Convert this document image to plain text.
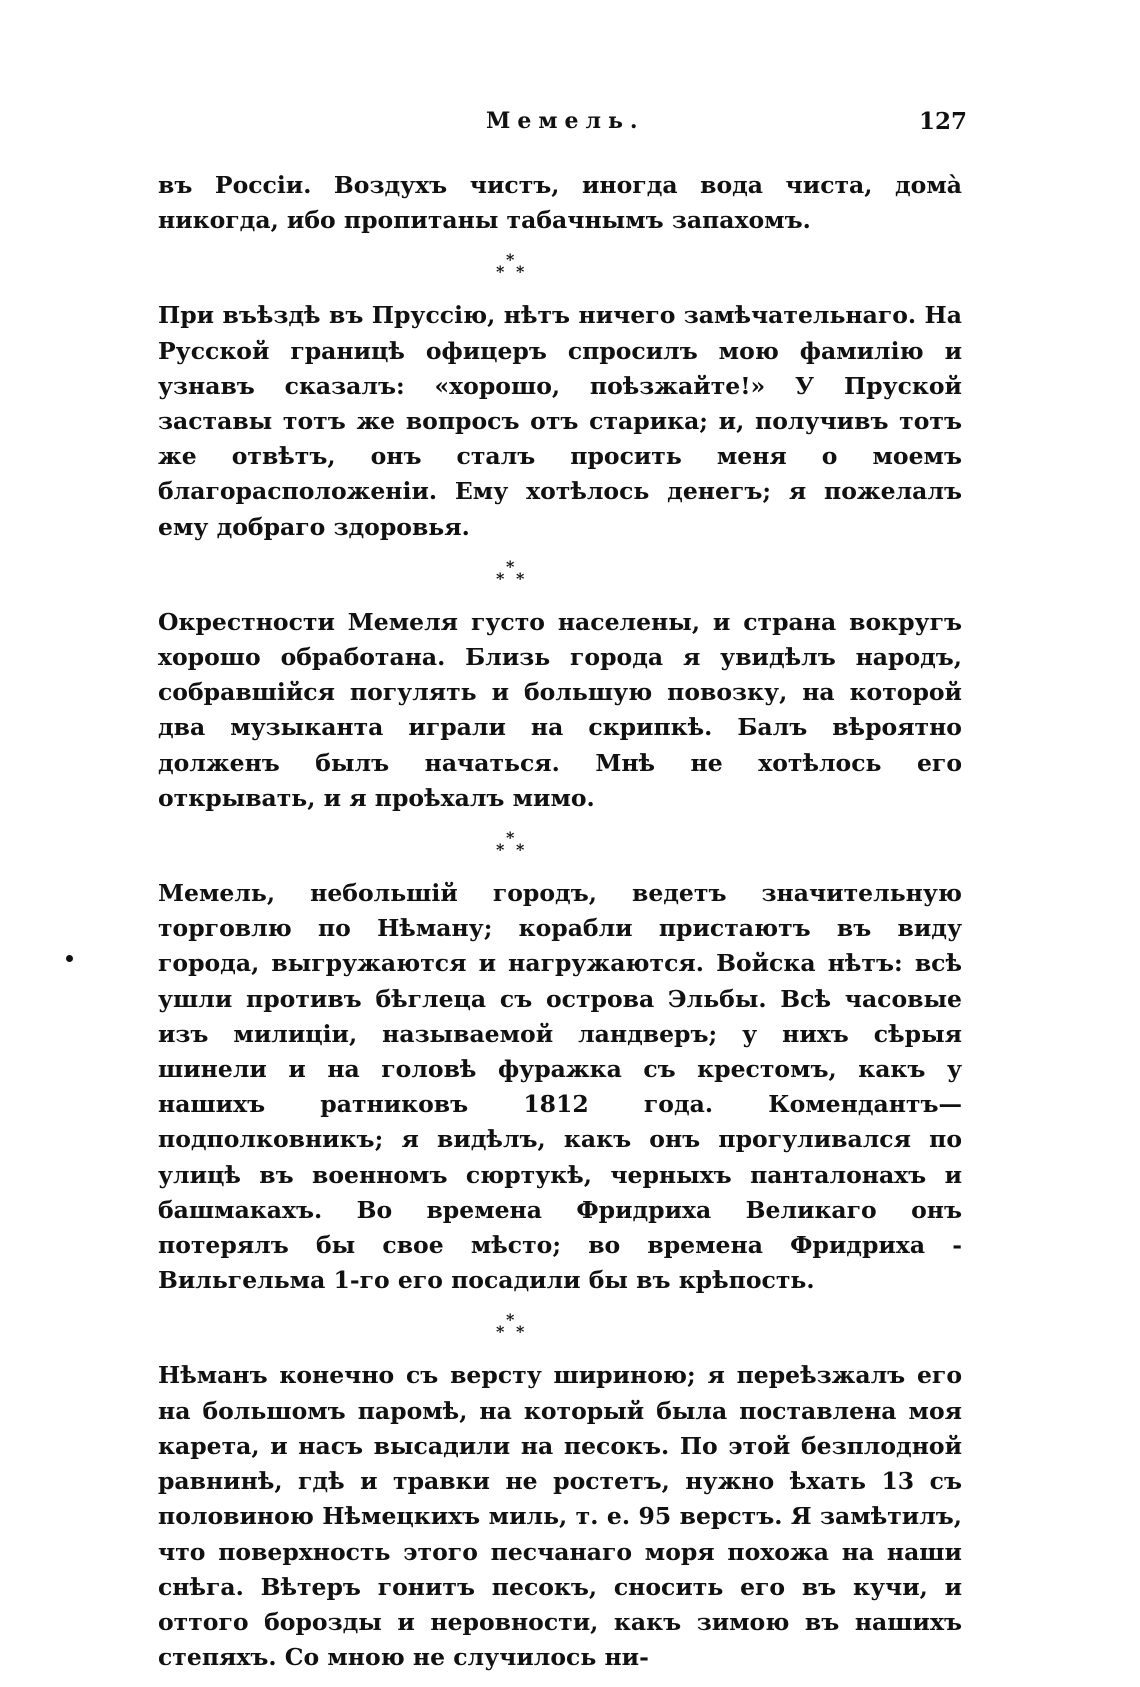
Мемель.	127

въ Россіи. Воздухъ чистъ, иногда вода чиста, домà никогда, ибо пропитаны табачнымъ запахомъ.

*
* *

При въѣздѣ въ Пруссію, нѣтъ ничего замѣчательнаго. На Русской границѣ офицеръ спросилъ мою фамилію и узнавъ сказалъ: «хорошо, поѣзжайте!» У Пруской заставы тотъ же вопросъ отъ старика; и, получивъ тотъ же отвѣтъ, онъ сталъ просить меня о моемъ благорасположеніи. Ему хотѣлось денегъ; я пожелалъ ему добраго здоровья.

*
* *

Окрестности Мемеля густо населены, и страна вокругъ хорошо обработана. Близь города я увидѣлъ народъ, собравшійся погулять и большую повозку, на которой два музыканта играли на скрипкѣ. Балъ вѣроятно долженъ былъ начаться. Мнѣ не хотѣлось его открывать, и я проѣхалъ мимо.

*
* *

Мемель, небольшій городъ, ведетъ значительную торговлю по Нѣману; корабли пристаютъ въ виду города, выгружаются и нагружаются. Войска нѣтъ: всѣ ушли противъ бѣглеца съ острова Эльбы. Всѣ часовые изъ милиціи, называемой ландверъ; у нихъ сѣрыя шинели и на головѣ фуражка съ крестомъ, какъ у нашихъ ратниковъ 1812 года. Комендантъ— подполковникъ; я видѣлъ, какъ онъ прогуливался по улицѣ въ военномъ сюртукѣ, черныхъ панталонахъ и башмакахъ. Во времена Фридриха Великаго онъ потерялъ бы свое мѣсто; во времена Фридриха - Вильгельма 1-го его посадили бы въ крѣпость.

*
* *

Нѣманъ конечно съ версту шириною; я переѣзжалъ его на большомъ паромѣ, на который была поставлена моя карета, и насъ высадили на песокъ. По этой безплодной равнинѣ, гдѣ и травки не ростетъ, нужно ѣхать 13 съ половиною Нѣмецкихъ миль, т. е. 95 верстъ. Я замѣтилъ, что поверхность этого песчанаго моря похожа на наши снѣга. Вѣтеръ гонитъ песокъ, сносить его въ кучи, и оттого борозды и неровности, какъ зимою въ нашихъ степяхъ. Со мною не случилось ни-
